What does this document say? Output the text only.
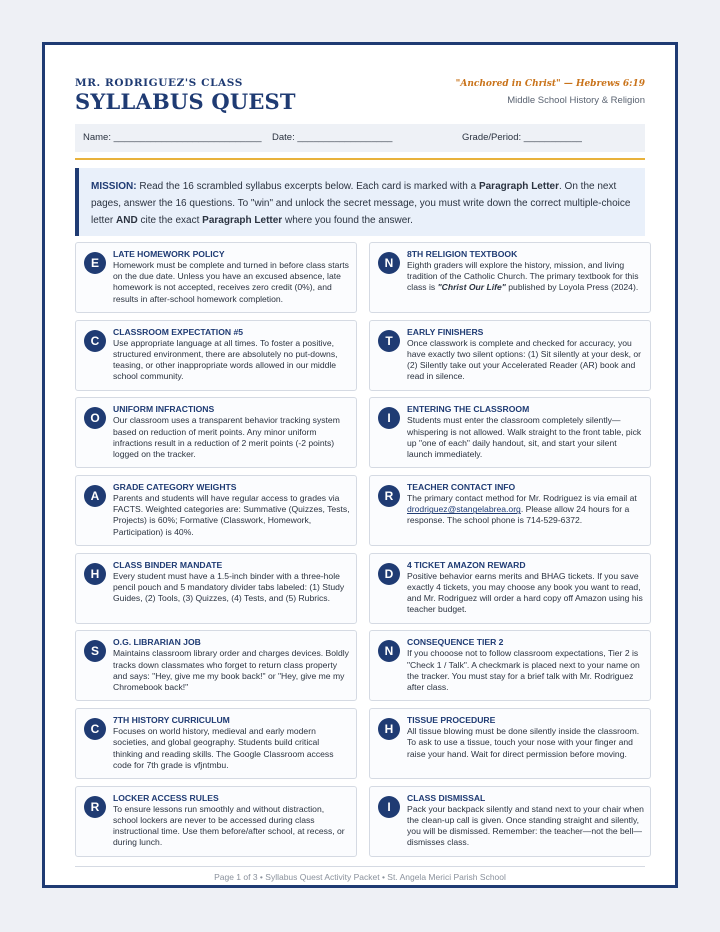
MR. RODRIGUEZ'S CLASS
SYLLABUS QUEST
"Anchored in Christ" — Hebrews 6:19
Middle School History & Religion
Name: ____________________________ Date: __________________	Grade/Period: ___________
MISSION: Read the 16 scrambled syllabus excerpts below. Each card is marked with a Paragraph Letter. On the next pages, answer the 16 questions. To "win" and unlock the secret message, you must write down the correct multiple-choice letter AND cite the exact Paragraph Letter where you found the answer.
E
LATE HOMEWORK POLICY
Homework must be complete and turned in before class starts on the due date. Unless you have an excused absence, late homework is not accepted, receives zero credit (0%), and results in after-school homework completion.
N
8TH RELIGION TEXTBOOK
Eighth graders will explore the history, mission, and living tradition of the Catholic Church. The primary textbook for this class is "Christ Our Life" published by Loyola Press (2024).
C
CLASSROOM EXPECTATION #5
Use appropriate language at all times. To foster a positive, structured environment, there are absolutely no put-downs, teasing, or other inappropriate words allowed in our middle school community.
T
EARLY FINISHERS
Once classwork is complete and checked for accuracy, you have exactly two silent options: (1) Sit silently at your desk, or (2) Silently take out your Accelerated Reader (AR) book and read in silence.
O
UNIFORM INFRACTIONS
Our classroom uses a transparent behavior tracking system based on reduction of merit points. Any minor uniform infractions result in a reduction of 2 merit points (-2 points) logged on the tracker.
I
ENTERING THE CLASSROOM
Students must enter the classroom completely silently—whispering is not allowed. Walk straight to the front table, pick up "one of each" daily handout, sit, and start your silent launch immediately.
A
GRADE CATEGORY WEIGHTS
Parents and students will have regular access to grades via FACTS. Weighted categories are: Summative (Quizzes, Tests, Projects) is 60%; Formative (Classwork, Homework, Participation) is 40%.
R
TEACHER CONTACT INFO
The primary contact method for Mr. Rodriguez is via email at drodriguez@stangelabrea.org. Please allow 24 hours for a response. The school phone is 714-529-6372.
H
CLASS BINDER MANDATE
Every student must have a 1.5-inch binder with a three-hole pencil pouch and 5 mandatory divider tabs labeled: (1) Study Guides, (2) Tools, (3) Quizzes, (4) Tests, and (5) Rubrics.
D
4 TICKET AMAZON REWARD
Positive behavior earns merits and BHAG tickets. If you save exactly 4 tickets, you may choose any book you want to read, and Mr. Rodriguez will order a hard copy off Amazon using his teacher budget.
S
O.G. LIBRARIAN JOB
Maintains classroom library order and charges devices. Boldly tracks down classmates who forget to return class property and says: "Hey, give me my book back!" or "Hey, give me my Chromebook back!"
N
CONSEQUENCE TIER 2
If you chooose not to follow classroom expectations, Tier 2 is "Check 1 / Talk". A checkmark is placed next to your name on the tracker. You must stay for a brief talk with Mr. Rodriguez after class.
C
7TH HISTORY CURRICULUM
Focuses on world history, medieval and early modern societies, and global geography. Students build critical thinking and reading skills. The Google Classroom access code for 7th grade is vfjntmbu.
H
TISSUE PROCEDURE
All tissue blowing must be done silently inside the classroom. To ask to use a tissue, touch your nose with your finger and raise your hand. Wait for direct permission before moving.
R
LOCKER ACCESS RULES
To ensure lessons run smoothly and without distraction, school lockers are never to be accessed during class instructional time. Use them before/after school, at recess, or during lunch.
I
CLASS DISMISSAL
Pack your backpack silently and stand next to your chair when the clean-up call is given. Once standing straight and silently, you will be dismissed. Remember: the teacher—not the bell—dismisses class.
Page 1 of 3 • Syllabus Quest Activity Packet • St. Angela Merici Parish School
